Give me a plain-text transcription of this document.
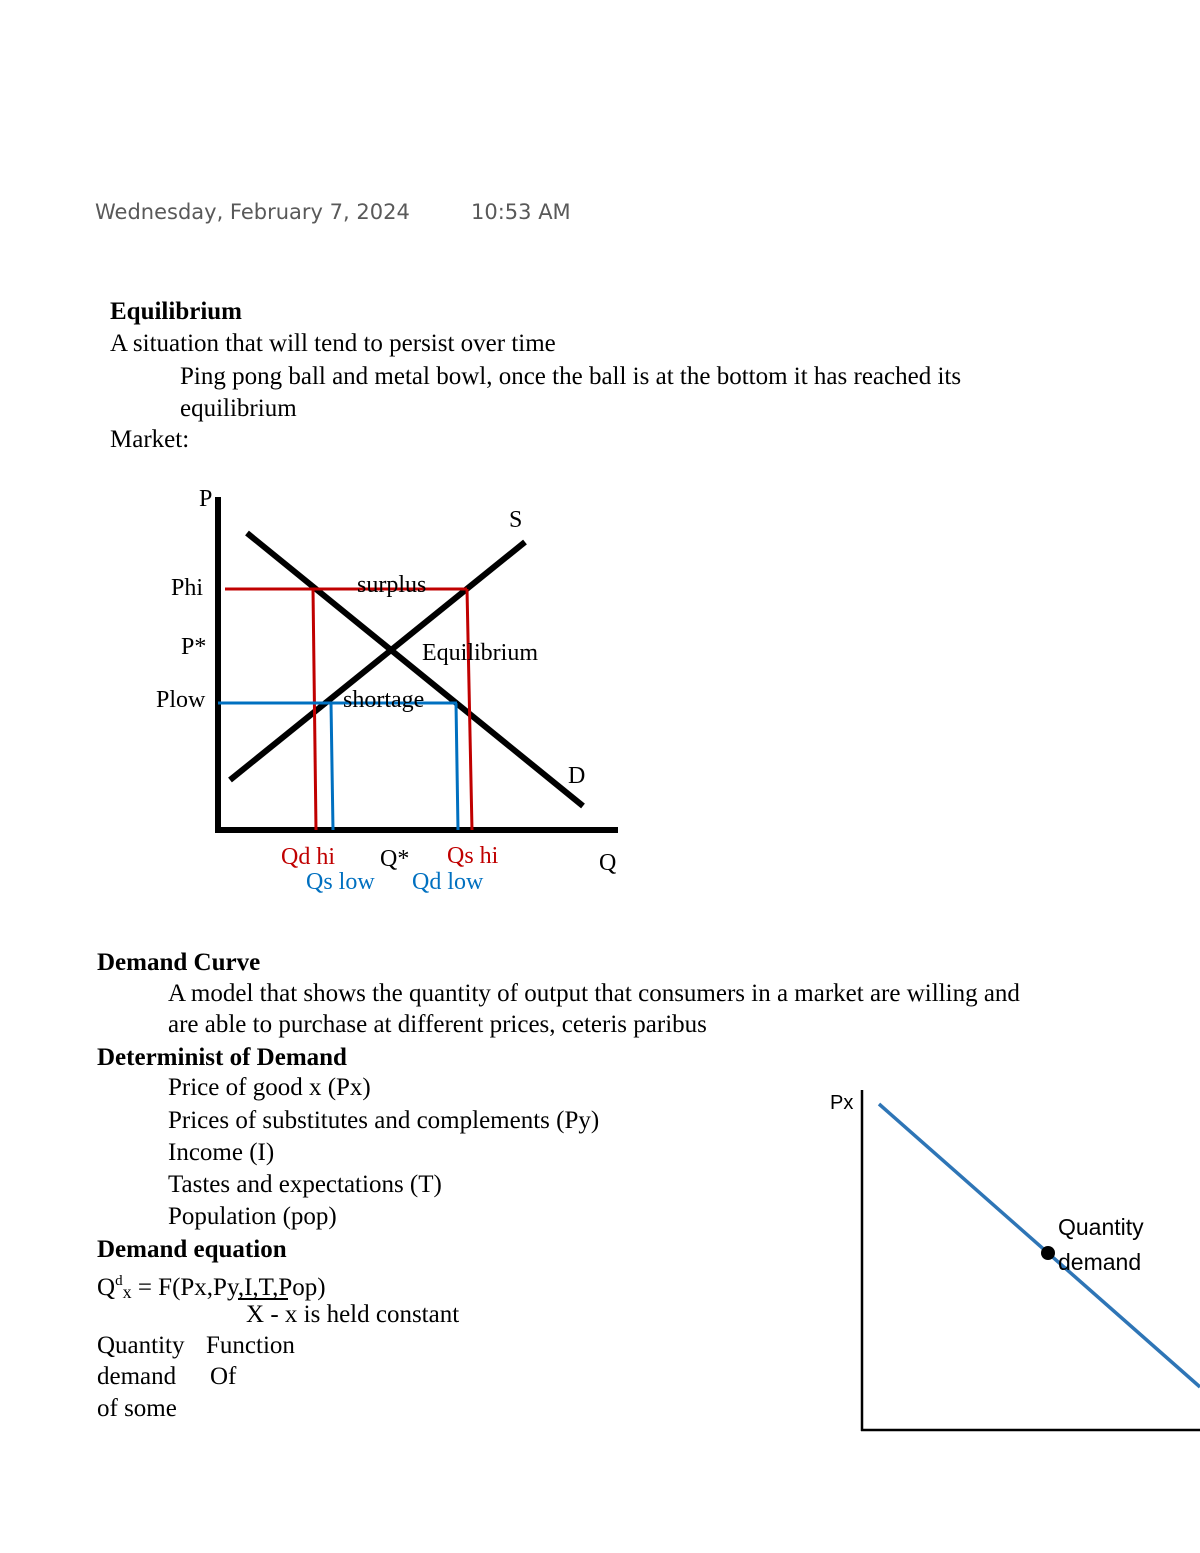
Wednesday, February 7, 2024	10:53 AM
Equilibrium
A situation that will tend to persist over time
Ping pong ball and metal bowl, once the ball is at the bottom it has reached its
equilibrium
Market:
P
S
D
Q
Phi
P*
Plow
surplus
Equilibrium
shortage
Qd hi Q* Qs hi
Qs low Qd low
Demand Curve
A model that shows the quantity of output that consumers in a market are willing and
are able to purchase at different prices, ceteris paribus
Determinist of Demand
Price of good x (Px)
Prices of substitutes and complements (Py)
Income (I)
Tastes and expectations (T)
Population (pop)
Demand equation
$Q^d_x = F(Px,Py,I,T,Pop)$
X - x is held constant
Quantity
demand
of some
Function
Of
Px
Quantity
demand
